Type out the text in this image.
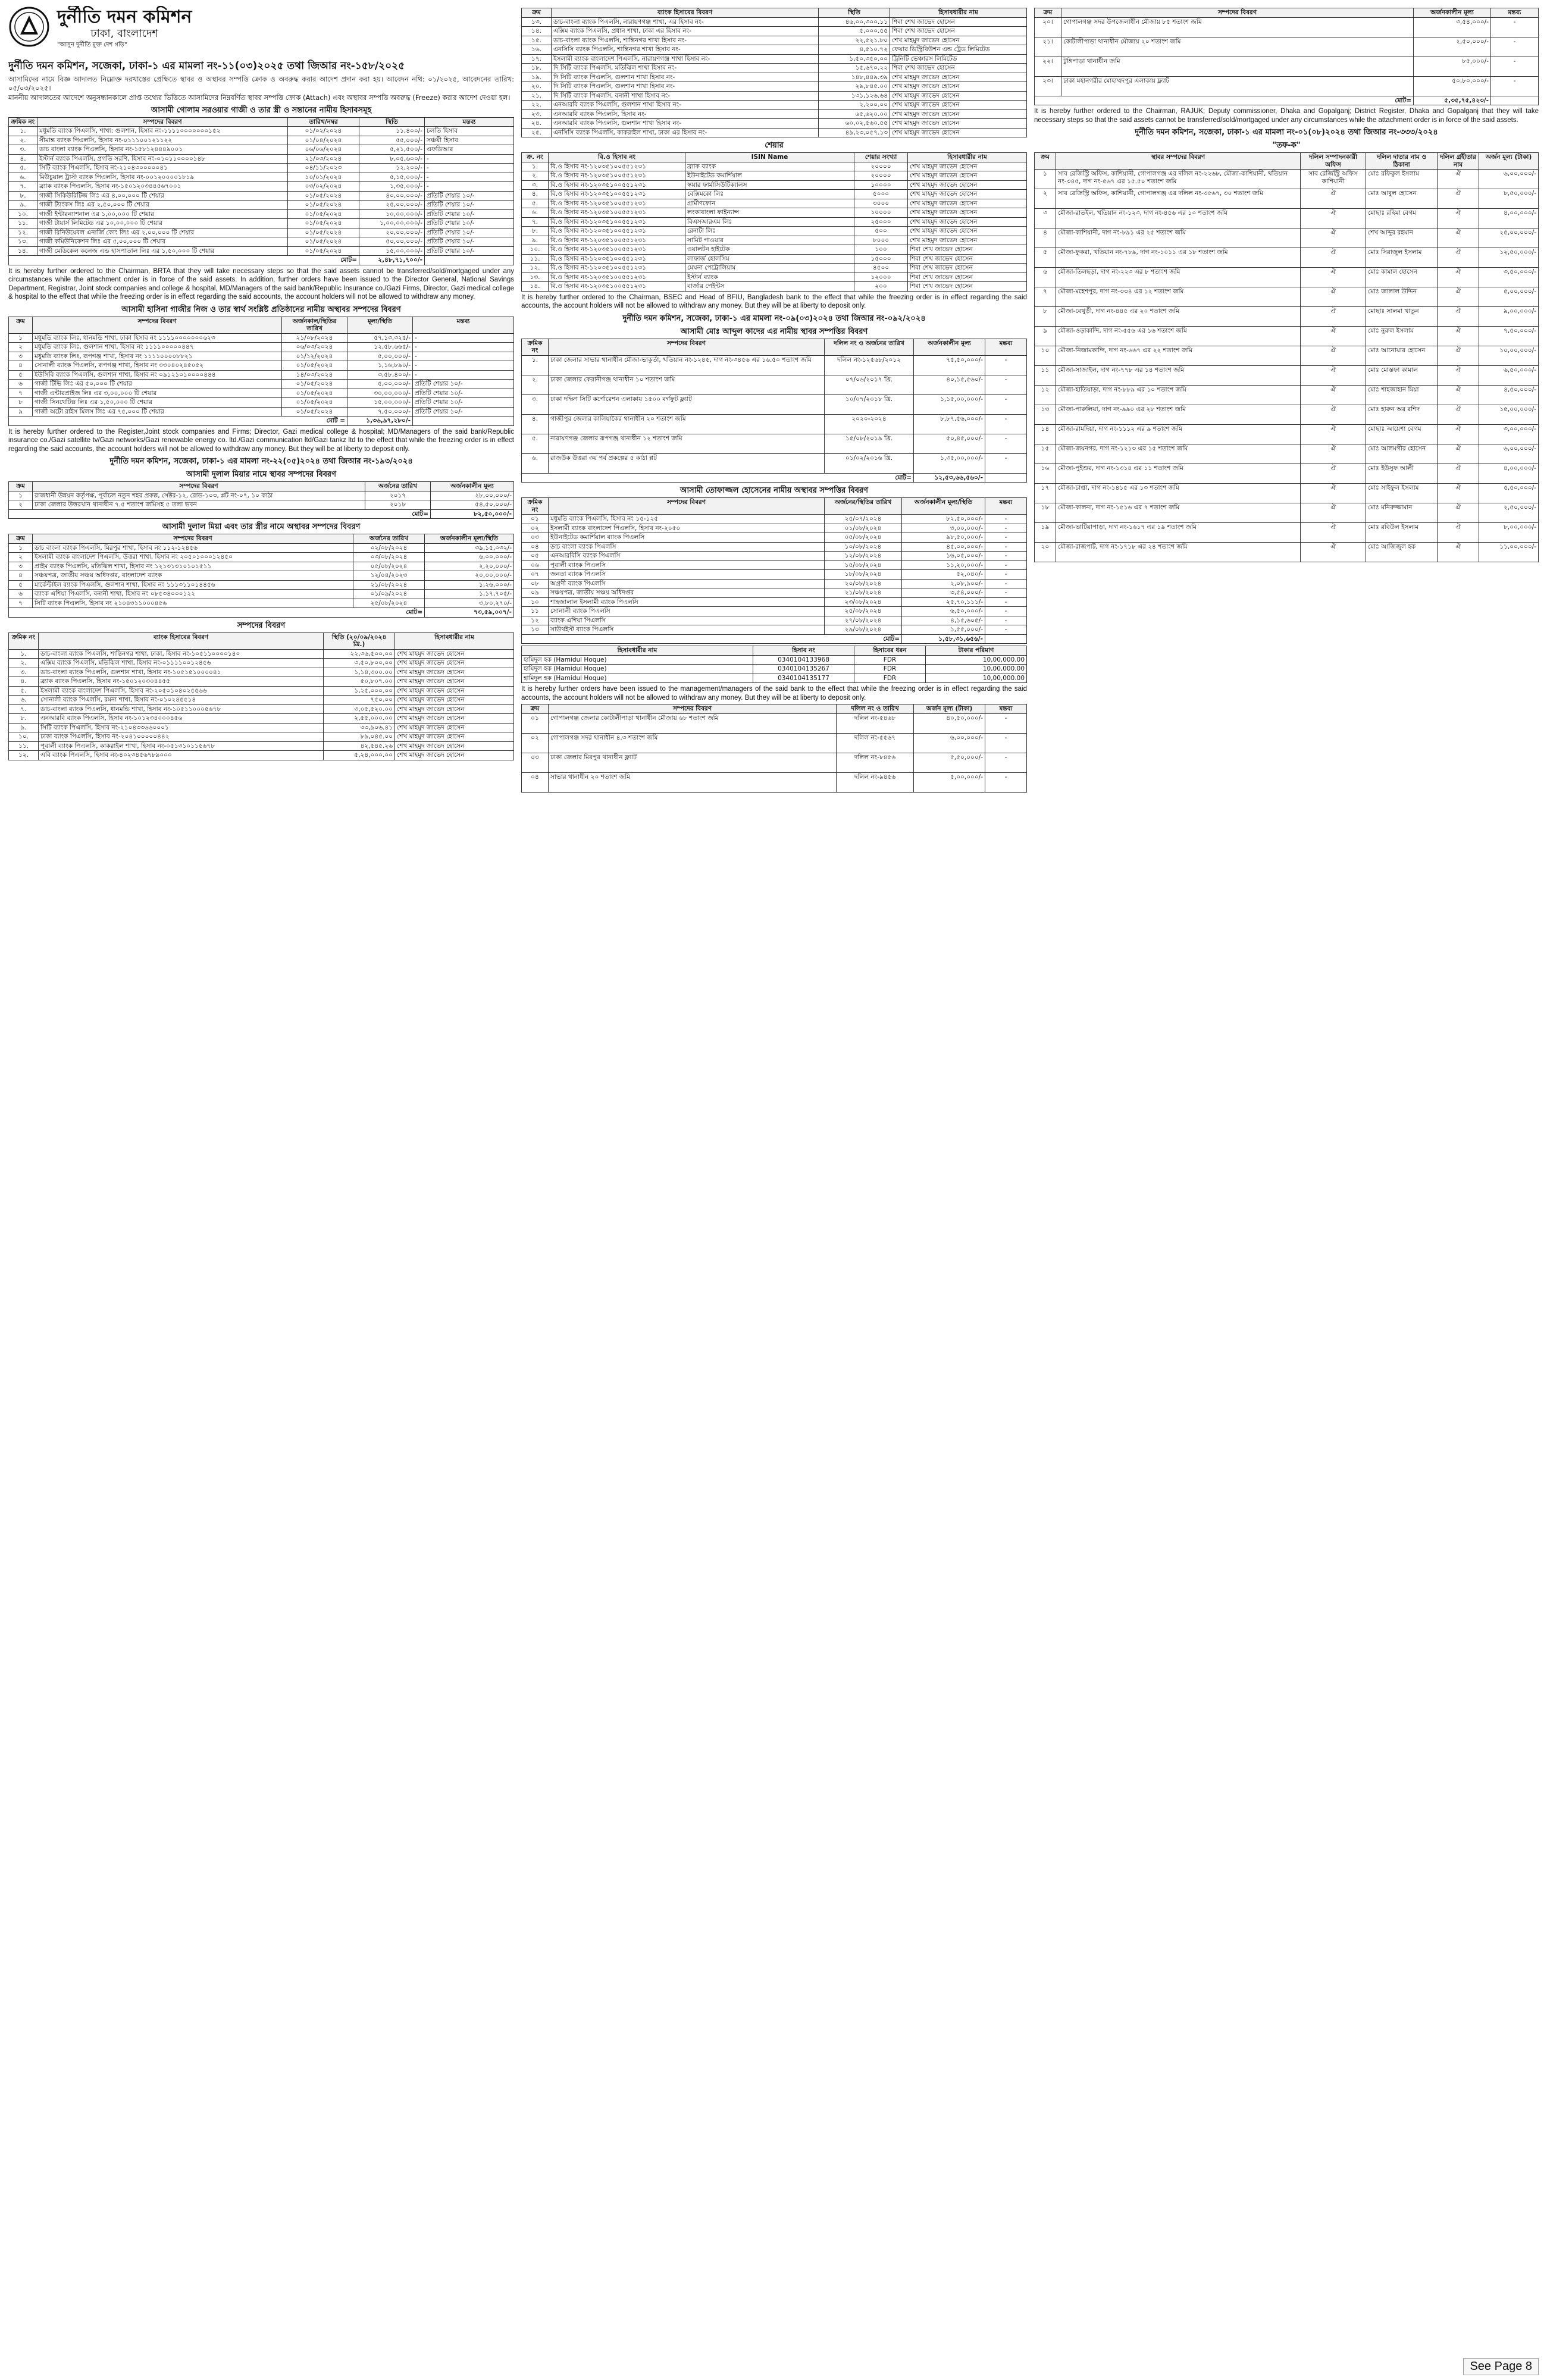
দুর্নীতি দমন কমিশন
ঢাকা, বাংলাদেশ
"আসুন দুর্নীতি মুক্ত দেশ গড়ি"
দুর্নীতি দমন কমিশন, সজেকা, ঢাকা-১ এর মামলা নং-১১(০৩)২০২৫ তথা জিআর নং-১৫৮/২০২৫
আসামিদের নামে বিজ্ঞ আদালত নিম্নোক্ত দরখাস্তের প্রেক্ষিতে স্থাবর ও অস্থাবর সম্পত্তি ক্রোক ও অবরুদ্ধ করার আদেশ প্রদান করা হয়। আবেদন নথি: ০১/২০২৫, আবেদনের তারিখ: ০৫/০৩/২০২৫।
মাননীয় আদালতের আদেশে অনুসন্ধানকালে প্রাপ্ত তথ্যের ভিত্তিতে আসামিদের নিম্নবর্ণিত স্থাবর সম্পত্তি ক্রোক (Attach) এবং অস্থাবর সম্পত্তি অবরুদ্ধ (Freeze) করার আদেশ দেওয়া হল।
আসামী গোলাম সরওয়ার গাজী ও তার স্ত্রী ও সন্তানের নামীয় হিসাবসমূহ
ক্রমিক নং	সম্পদের বিবরণ	তারিখ/নম্বর	স্থিতি	মন্তব্য
১.	মধুমতি ব্যাংক পিএলসি, শাখা: গুলশান, হিসাব নং-১১১১০০০০০০০১৫২	০১/০২/২০২৪	১১,৪০০/-	চলতি হিসাব
২.	সীমান্ত ব্যাংক পিএলসি, হিসাব নং-০১১১০০১২১১২২	০১/০৪/২০২৪	৫৫,০০০/-	সঞ্চয়ী হিসাব
৩.	ডাচ বাংলা ব্যাংক পিএলসি, হিসাব নং-১৫৮১২৪৪৪৯০০১	০৬/০৬/২০২৪	৫,২১,৫০০/-	এফডিআর
৪.	ইস্টার্ন ব্যাংক পিএলসি, প্রগতি সরণি, হিসাব নং-০১০১১০০০০১৪৮	২১/০৩/২০২৪	৮,০৫,৬০০/-	-
৫.	সিটি ব্যাংক পিএলসি, হিসাব নং-২১০৪৩০০০০০৪১	০৪/১১/২০২৩	১২,২০০/-	-
৬.	মিউচুয়াল ট্রাস্ট ব্যাংক পিএলসি, হিসাব নং-০০১২০০০০১৮১৯	১০/০১/২০২৪	৫,১৫,০০০/-	-
৭.	ব্র্যাক ব্যাংক পিএলসি, হিসাব নং-১৫০১২০৩৪৪৫৬৭০০১	০৩/০২/২০২৪	১,৩৫,০০০/-	-
৮.	গাজী সিকিউরিটিজ লিঃ এর ৪,০০,০০০ টি শেয়ার	০১/০৫/২০২৪	৪০,০০,০০০/-	প্রতিটি শেয়ার ১০/-
৯.	গাজী ট্যাংকস লিঃ এর ২,৫০,০০০ টি শেয়ার	০১/০৫/২০২৪	২৫,০০,০০০/-	প্রতিটি শেয়ার ১০/-
১০.	গাজী ইন্টারন্যাশনাল এর ১,০০,০০০ টি শেয়ার	০১/০৫/২০২৪	১০,০০,০০০/-	প্রতিটি শেয়ার ১০/-
১১.	গাজী টায়ার্স লিমিটেড এর ১০,০০,০০০ টি শেয়ার	০১/০৫/২০২৪	১,০০,০০,০০০/-	প্রতিটি শেয়ার ১০/-
১২.	গাজী রিনিউয়েবল এনার্জি কোং লিঃ এর ২,০০,০০০ টি শেয়ার	০১/০৫/২০২৪	২০,০০,০০০/-	প্রতিটি শেয়ার ১০/-
১৩.	গাজী কমিউনিকেশন লিঃ এর ৫,০০,০০০ টি শেয়ার	০১/০৫/২০২৪	৫০,০০,০০০/-	প্রতিটি শেয়ার ১০/-
১৪.	গাজী মেডিকেল কলেজ এন্ড হাসপাতাল লিঃ এর ১,৫০,০০০ টি শেয়ার	০১/০৫/২০২৪	১৫,০০,০০০/-	প্রতিটি শেয়ার ১০/-
মোট=			২,৪৮,৭১,৭০০/-	
It is hereby further ordered to the Chairman, BRTA that they will take necessary steps so that the said assets cannot be transferred/sold/mortgaged under any circumstances while the attachment order is in force of the said assets. In addition, further orders have been issued to the Director General, National Savings Department, Registrar, Joint stock companies and college & hospital, MD/Managers of the said bank/Republic Insurance co./Gazi Firms, Director, Gazi medical college & hospital to the effect that while the freezing order is in effect regarding the said accounts, the account holders will not be allowed to withdraw any money.
আসামী হাসিনা গাজীর নিজ ও তার স্বার্থ সংশ্লিষ্ট প্রতিষ্ঠানের নামীয় অস্থাবর সম্পদের বিবরণ
ক্রম	সম্পদের বিবরণ	অর্জনকাল/স্থিতির তারিখ	মূল্য/স্থিতি	মন্তব্য
১	মধুমতি ব্যাংক লিঃ, ধানমন্ডি শাখা, ঢাকা হিসাব নং ১১১১০০০০০০০৬২৩	২১/০৮/২০২৪	৫৭,১৩,৩২৫/-	-
২	মধুমতি ব্যাংক লিঃ, গুলশান শাখা, হিসাব নং ১১১১০০০০০৪৪৭	০৬/০৩/২০২৪	১২,৫৮,৬৬৫/-	-
৩	মধুমতি ব্যাংক লিঃ, রূপগঞ্জ শাখা, হিসাব নং ১১১১০০০০৮৮২১	০১/১২/২০২৪	৫,০০,০০০/-	-
৪	সোনালী ব্যাংক পিএলসি, রূপগঞ্জ শাখা, হিসাব নং ৩৩০৪০২৪৫০৫২	০১/০৫/২০২৪	১,১৬,৮৯০/-	-
৫	ইউসিবি ব্যাংক পিএলসি, গুলশান শাখা, হিসাব নং ০৯১২১০১০০০০৪৪৪	১৪/০৩/২০২৪	৩,৫৮,৪০০/-	-
৬	গাজী টিভি লিঃ এর ৫০,০০০ টি শেয়ার	০১/০৫/২০২৪	৫,০০,০০০/-	প্রতিটি শেয়ার ১০/-
৭	গাজী এন্টারপ্রাইজ লিঃ এর ৩,০০,০০০ টি শেয়ার	০১/০৫/২০২৪	৩০,০০,০০০/-	প্রতিটি শেয়ার ১০/-
৮	গাজী সিনথেটিক্স লিঃ এর ১,৫০,০০০ টি শেয়ার	০১/০৫/২০২৪	১৫,০০,০০০/-	প্রতিটি শেয়ার ১০/-
৯	গাজী অটো রাইস মিলস লিঃ এর ৭৫,০০০ টি শেয়ার	০১/০৫/২০২৪	৭,৫০,০০০/-	প্রতিটি শেয়ার ১০/-
মোট =			১,৩৬,৯৭,২৮০/-	
It is hereby further ordered to the Register,Joint stock companies and Firms; Director, Gazi medical college & hospital; MD/Managers of the said bank/Republic insurance co./Gazi satellite tv/Gazi networks/Gazi renewable energy co. ltd./Gazi communication ltd/Gazi tankz ltd to the effect that while the freezing order is in effect regarding the said accounts, the account holders will not be allowed to withdraw any money. But they will be at liberty to deposit only.
দুর্নীতি দমন কমিশন, সজেকা, ঢাকা-১ এর মামলা নং-২২(০৫)২০২৪ তথা জিআর নং-১৯৩/২০২৪
আসামী দুলাল মিয়ার নামে স্থাবর সম্পদের বিবরণ
ক্রম	সম্পদের বিবরণ	অর্জনের তারিখ	অর্জনকালীন মূল্য
১	রাজধানী উন্নয়ন কর্তৃপক্ষ, পূর্বাচল নতুন শহর প্রকল্প, সেক্টর-১২, রোড-১০৩, প্লট নং-০৭, ১০ কাঠা	২০১৭	২৮,০০,০০০/-
২	ঢাকা জেলার উত্তরখান থানাধীন ৭.৫ শতাংশ জমিসহ ৫ তলা ভবন	২০১৮	৫৪,৫০,০০০/-
মোট=			৮২,৫০,০০০/-
আসামী দুলাল মিয়া এবং তার স্ত্রীর নামে অস্থাবর সম্পদের বিবরণ
ক্রম	সম্পদের বিবরণ	অর্জনের তারিখ	অর্জনকালীন মূল্য/স্থিতি
১	ডাচ বাংলা ব্যাংক পিএলসি, মিরপুর শাখা, হিসাব নং ১১২-১২৪৫৬	০২/০৮/২০২৪	৩৯,১৫,০৩২/-
২	ইসলামী ব্যাংক বাংলাদেশ পিএলসি, উত্তরা শাখা, হিসাব নং ২০৫০১০০০১২৪৫০	০৩/০৮/২০২৪	৬,০০,০০০/-
৩	প্রাইম ব্যাংক পিএলসি, মতিঝিল শাখা, হিসাব নং ১২১৩১৩১০১০১৫১১	০৫/০৮/২০২৪	২,২০,০০০/-
৪	সঞ্চয়পত্র, জাতীয় সঞ্চয় অধিদপ্তর, বাংলাদেশ ব্যাংক	১২/০৪/২০২৩	২০,০০,০০০/-
৫	মার্কেন্টাইল ব্যাংক পিএলসি, গুলশান শাখা, হিসাব নং ১১১৩১১০১৪৪৫৬	২১/০৮/২০২৪	১,২৬,০০০/-
৬	ব্যাংক এশিয়া পিএলসি, বনানী শাখা, হিসাব নং ০৮৫৩৪০০০১২২	০১/০৯/২০২৪	১,১৭,৭০৫/-
৭	সিটি ব্যাংক পিএলসি, হিসাব নং ২১০৪৩১১০০০৪৫৬	২৫/০৮/২০২৪	৩,৮০,২৭০/-
মোট=			৭৩,৫৯,০০৭/-
সম্পদের বিবরণ
ক্রমিক নং	ব্যাংক হিসাবের বিবরণ	স্থিতি (২০/০৯/২০২৪ খ্রি.)	হিসাবধারীর নাম
১.	ডাচ-বাংলা ব্যাংক পিএলসি, শান্তিনগর শাখা, ঢাকা, হিসাব নং-১০৫১১০০০০১৪০	২২,৩৬,৫০০.০০	শেখ মাহমুদ জাভেদ হোসেন
২.	এক্সিম ব্যাংক পিএলসি, মতিঝিল শাখা, হিসাব নং-০১১১১০০১২৪৫৬	৩,৫০,৮০০.০০	শেখ মাহমুদ জাভেদ হোসেন
৩.	ডাচ-বাংলা ব্যাংক পিএলসি, গুলশান শাখা, হিসাব নং-১০৫১৫১০০০০৪১	১,১৪,৩০০.০০	শেখ মাহমুদ জাভেদ হোসেন
৪.	ব্র্যাক ব্যাংক পিএলসি, হিসাব নং-১৫০১২০৩০৪৪৫৫	৫০,৮০৭.০০	শেখ মাহমুদ জাভেদ হোসেন
৫.	ইসলামী ব্যাংক বাংলাদেশ পিএলসি, হিসাব নং-২০৫০১০৪০২৫৫৬৬	১,২৫,০০০.০০	শেখ মাহমুদ জাভেদ হোসেন
৬.	সোনালী ব্যাংক পিএলসি, রমনা শাখা, হিসাব নং-০১০২৪৫৫১৪	৭৫০.০০	শেখ মাহমুদ জাভেদ হোসেন
৭.	ডাচ-বাংলা ব্যাংক পিএলসি, ধানমন্ডি শাখা, হিসাব নং-১০৫১১০০০৫৬৭৮	৩,০৫,৫২০.০০	শেখ মাহমুদ জাভেদ হোসেন
৮.	এনআরবি ব্যাংক পিএলসি, হিসাব নং-১০১২৩৪০০০৪৫৬	২,৫৫,০০০.০০	শেখ মাহমুদ জাভেদ হোসেন
৯.	সিটি ব্যাংক পিএলসি, হিসাব নং-২১০৪৩৩৬৬০০০১	৩৩,৯০৬.৪১	শেখ মাহমুদ জাভেদ হোসেন
১০.	ঢাকা ব্যাংক পিএলসি, হিসাব নং-২০৪১০০০০০৪৪২	৮৯,০৪৫.০০	শেখ মাহমুদ জাভেদ হোসেন
১১.	পূবালী ব্যাংক পিএলসি, কাকরাইল শাখা, হিসাব নং-০৫১৩১০১১৫৬৭৮	৪২,৫৪৫.২৬	শেখ মাহমুদ জাভেদ হোসেন
১২.	এবি ব্যাংক পিএলসি, হিসাব নং-৪০২৩৪৫৬৭৮৯০০০	৫,২৪,০০০.০০	শেখ মাহমুদ জাভেদ হোসেন
ক্রম	ব্যাংক হিসাবের বিবরণ	স্থিতি	হিসাবধারীর নাম
১৩.	ডাচ-বাংলা ব্যাংক পিএলসি, নারায়ণগঞ্জ শাখা, এর হিসাব নং-	৪৬,০০,৩০০.১১	শিবা শেখ জাভেদ হোসেন
১৪.	এক্সিম ব্যাংক পিএলসি, প্রধান শাখা, ঢাকা এর হিসাব নং-	৫,০০০.৫৫	শিবা শেখ জাভেদ হোসেন
১৫.	ডাচ-বাংলা ব্যাংক পিএলসি, শান্তিনগর শাখা হিসাব নং-	২২,৫২১.৮০	শেখ মাহমুদ জাভেদ হোসেন
১৬.	এনসিসি ব্যাংক পিএলসি, শান্তিনগর শাখা হিসাব নং-	৪,৫১০.৭২	ফেয়ার ডিস্ট্রিবিউশন এন্ড ট্রেড লিমিটেড
১৭.	ইসলামী ব্যাংক বাংলাদেশ পিএলসি, নারায়ণগঞ্জ শাখা হিসাব নং-	১,৫০,৩৫০.০০	ট্রিনিটি ভেঞ্চারস লিমিটেড
১৮.	দি সিটি ব্যাংক পিএলসি, মতিঝিল শাখা হিসাব নং-	১৫,৬৭০.২২	শিবা শেখ জাভেদ হোসেন
১৯.	দি সিটি ব্যাংক পিএলসি, গুলশান শাখা হিসাব নং-	১৪৮,৪৪৯.৩৯	শেখ মাহমুদ জাভেদ হোসেন
২০.	দি সিটি ব্যাংক পিএলসি, গুলশান শাখা হিসাব নং-	২৯,৮৪৫.০০	শেখ মাহমুদ জাভেদ হোসেন
২১.	দি সিটি ব্যাংক পিএলসি, বনানী শাখা হিসাব নং-	১৩১,১২৬.৬৪	শেখ মাহমুদ জাভেদ হোসেন
২২.	এনআরবি ব্যাংক পিএলসি, গুলশান শাখা হিসাব নং-	২,২০০.০০	শেখ মাহমুদ জাভেদ হোসেন
২৩.	এনআরবি ব্যাংক পিএলসি, হিসাব নং-	৬৫,৬২০.০০	শেখ মাহমুদ জাভেদ হোসেন
২৪.	এনআরবি ব্যাংক পিএলসি, গুলশান শাখা হিসাব নং-	৬০,০২,৫৬০.৫৫	শেখ মাহমুদ জাভেদ হোসেন
২৫.	এনসিসি ব্যাংক পিএলসি, কাকরাইল শাখা, ঢাকা এর হিসাব নং-	৪৯,২৩,০৫৭.১৩	শেখ মাহমুদ জাভেদ হোসেন
শেয়ার
ক্র. নং	বি.ও হিসাব নং	ISIN Name	শেয়ার সংখ্যা	হিসাবধারীর নাম
১.	বি.ও হিসাব নং-১২০৩৫১০০৫৫১২৩১	ব্র্যাক ব্যাংক	২০০০০	শেখ মাহমুদ জাভেদ হোসেন
২.	বি.ও হিসাব নং-১২০৩৫১০০৫৫১২৩১	ইউনাইটেড কমার্শিয়াল	২০০০০	শেখ মাহমুদ জাভেদ হোসেন
৩.	বি.ও হিসাব নং-১২০৩৫১০০৫৫১২৩১	স্কয়ার ফার্মাসিউটিক্যালস	১০০০০	শেখ মাহমুদ জাভেদ হোসেন
৪.	বি.ও হিসাব নং-১২০৩৫১০০৫৫১২৩১	বেক্সিমকো লিঃ	৫০০০	শেখ মাহমুদ জাভেদ হোসেন
৫.	বি.ও হিসাব নং-১২০৩৫১০০৫৫১২৩১	গ্রামীণফোন	৩০০০	শেখ মাহমুদ জাভেদ হোসেন
৬.	বি.ও হিসাব নং-১২০৩৫১০০৫৫১২৩১	লংকাবাংলা ফাইন্যান্স	১০০০০	শেখ মাহমুদ জাভেদ হোসেন
৭.	বি.ও হিসাব নং-১২০৩৫১০০৫৫১২৩১	বিএসআরএম লিঃ	২৫০০০	শেখ মাহমুদ জাভেদ হোসেন
৮.	বি.ও হিসাব নং-১২০৩৫১০০৫৫১২৩১	রেনাটা লিঃ	৫০০	শেখ মাহমুদ জাভেদ হোসেন
৯.	বি.ও হিসাব নং-১২০৩৫১০০৫৫১২৩১	সামিট পাওয়ার	৮০০০	শেখ মাহমুদ জাভেদ হোসেন
১০.	বি.ও হিসাব নং-১২০৩৫১০০৫৫১২৩১	ওয়ালটন হাইটেক	১০০	শিবা শেখ জাভেদ হোসেন
১১.	বি.ও হিসাব নং-১২০৩৫১০০৫৫১২৩১	লাফার্জ হোলসিম	১৫০০০	শিবা শেখ জাভেদ হোসেন
১২.	বি.ও হিসাব নং-১২০৩৫১০০৫৫১২৩১	মেঘনা পেট্রোলিয়াম	৪৫০০	শিবা শেখ জাভেদ হোসেন
১৩.	বি.ও হিসাব নং-১২০৩৫১০০৫৫১২৩১	ইস্টার্ন ব্যাংক	১২০০০	শিবা শেখ জাভেদ হোসেন
১৪.	বি.ও হিসাব নং-১২০৩৫১০০৫৫১২৩১	বার্জার পেইন্টস	২০০	শিবা শেখ জাভেদ হোসেন
It is hereby further ordered to the Chairman, BSEC and Head of BFIU, Bangladesh bank to the effect that while the freezing order is in effect regarding the said accounts, the account holders will not be allowed to withdraw any money. But they will be at liberty to deposit only.
দুর্নীতি দমন কমিশন, সজেকা, ঢাকা-১ এর মামলা নং-০৯(০৩)২০২৪ তথা জিআর নং-০৯২/২০২৪
আসামী মোঃ আব্দুল কাদের এর নামীয় স্থাবর সম্পত্তির বিবরণ
ক্রমিক নং	সম্পদের বিবরণ	দলিল নং ও অর্জনের তারিখ	অর্জনকালীন মূল্য	মন্তব্য
১.	ঢাকা জেলার সাভার থানাধীন মৌজা-ভাকুর্তা, খতিয়ান নং-১২৪৫, দাগ নং-৩৪৫৬ এর ১৬.৫০ শতাংশ জমি	দলিল নং-১২৫৬৮/২০১২	৭৫,৫০,০০০/-	-
২.	ঢাকা জেলার কেরানীগঞ্জ থানাধীন ১০ শতাংশ জমি	০৭/০৬/২০১৭ খ্রি.	৪০,১৫,৫৬০/-	-
৩.	ঢাকা দক্ষিণ সিটি কর্পোরেশন এলাকায় ১৫০০ বর্গফুট ফ্ল্যাট	১০/০৭/২০১৮ খ্রি.	১,১৫,০০,০০০/-	-
৪.	গাজীপুর জেলার কালিয়াকৈর থানাধীন ২০ শতাংশ জমি	২০২০-২০২৪	৮,৮৭,৫৬,০০০/-	-
৫.	নারায়ণগঞ্জ জেলার রূপগঞ্জ থানাধীন ১২ শতাংশ জমি	১৫/০৮/২০১৯ খ্রি.	৫০,৪৫,০০০/-	-
৬.	রাজউক উত্তরা ৩য় পর্ব প্রকল্পের ৫ কাঠা প্লট	০১/০২/২০১৬ খ্রি.	১,৩৫,০০,০০০/-	-
মোট=			১২,৫৩,৬৬,৫৬০/-	
আসামী তোফাজ্জল হোসেনের নামীয় অস্থাবর সম্পত্তির বিবরণ
ক্রমিক নং	সম্পদের বিবরণ	অর্জনের/স্থিতির তারিখ	অর্জনকালীন মূল্য/স্থিতি	মন্তব্য
০১	মধুমতি ব্যাংক পিএলসি, হিসাব নং ১৫-১২৫	২৫/০৭/২০২৪	৮২,৫০,০০০/-	-
০২	ইসলামী ব্যাংক বাংলাদেশ পিএলসি, হিসাব নং-২০৫০	০১/০৮/২০২৪	৩,০০,০০০/-	-
০৩	ইউনাইটেড কমার্শিয়াল ব্যাংক পিএলসি	০৫/০৮/২০২৪	৯৮,৫০,০০০/-	-
০৪	ডাচ বাংলা ব্যাংক পিএলসি	১০/০৮/২০২৪	৪৫,০০,০০০/-	-
০৫	এনআরবিসি ব্যাংক পিএলসি	১২/০৮/২০২৪	১৬,০৫,০০০/-	-
০৬	পূবালী ব্যাংক পিএলসি	১৫/০৮/২০২৪	১১,২০,০০০/-	-
০৭	জনতা ব্যাংক পিএলসি	১৮/০৮/২০২৪	৫২,০৪০/-	-
০৮	অগ্রণী ব্যাংক পিএলসি	২০/০৮/২০২৪	২,০৮,৯০০/-	-
০৯	সঞ্চয়পত্র, জাতীয় সঞ্চয় অধিদপ্তর	২১/০৮/২০২৪	৩,৫৪,০০০/-	-
১০	শাহজালাল ইসলামী ব্যাংক পিএলসি	২৩/০৮/২০২৪	২৫,৭০,১১১/-	-
১১	সোনালী ব্যাংক পিএলসি	২৫/০৮/২০২৪	৬,৫০,০০০/-	-
১২	ব্যাংক এশিয়া পিএলসি	২৭/০৮/২০২৪	৪,১৫,৬০৫/-	-
১৩	সাউথইস্ট ব্যাংক পিএলসি	২৯/০৮/২০২৪	১,৫৫,০০০/-	-
মোট=			১,৫৮,৩১,৬৫৬/-	
হিসাবধারীর নাম	হিসাব নং	হিসাবের ধরন	টাকার পরিমাণ
হামিদুল হক (Hamidul Hoque)	0340104133968	FDR	10,00,000.00
হামিদুল হক (Hamidul Hoque)	0340104135267	FDR	10,00,000.00
হামিদুল হক (Hamidul Hoque)	0340104135177	FDR	10,00,000.00
It is hereby further orders have been issued to the management/managers of the said bank to the effect that while the freezing order is in effect regarding the said accounts, the account holders will not be allowed to withdraw any money. But they will be at liberty to deposit only.
ক্রম	সম্পদের বিবরণ	দলিল নং ও তারিখ	অর্জন মূল্য (টাকা)	মন্তব্য
০১	গোপালগঞ্জ জেলার কোটালীপাড়া থানাধীন মৌজায় ৬৮ শতাংশ জমি	দলিল নং-৫৪৬৮	৪০,৫০,০০০/-	-
০২	গোপালগঞ্জ সদর থানাধীন ৪.৩ শতাংশ জমি	দলিল নং-৫৫৬৭	৬,০০,০০০/-	-
০৩	ঢাকা জেলার মিরপুর থানাধীন ফ্ল্যাট	দলিল নং-৮৪৫৬	৫,৫০,০০০/-	-
০৪	সাভার থানাধীন ২০ শতাংশ জমি	দলিল নং-৯৪৫৬	৫,০০,০০০/-	-
ক্রম	সম্পদের বিবরণ	অর্জনকালীন মূল্য	মন্তব্য
২০।	গোপালগঞ্জ সদর উপজেলাধীন মৌজায় ৮৫ শতাংশ জমি	৩,৫৪,০০০/-	-
২১।	কোটালীপাড়া থানাধীন মৌজায় ২০ শতাংশ জমি	২,৫০,০০০/-	-
২২।	টুঙ্গিপাড়া থানাধীন জমি	৮৫,০০০/-	-
২৩।	ঢাকা মহানগরীর মোহাম্মদপুর এলাকায় ফ্ল্যাট	৫০,৮০,০০০/-	-
মোট=		৫,৩৫,৭৫,৪২৩/-	
It is hereby further ordered to the Chairman, RAJUK; Deputy commissioner, Dhaka and Gopalganj; District Register, Dhaka and Gopalganj that they will take necessary steps so that the said assets cannot be transferred/sold/mortgaged under any circumstances while the attachment order is in force of the said assets.
দুর্নীতি দমন কমিশন, সজেকা, ঢাকা-১ এর মামলা নং-০১(০৮)২০২৪ তথা জিআর নং-৩৩৩/২০২৪
"তফ-ক"
ক্রম	স্থাবর সম্পদের বিবরণ	দলিল সম্পাদনকারী অফিস	দলিল দাতার নাম ও ঠিকানা	দলিল গ্রহীতার নাম	অর্জন মূল্য (টাকা)
১	সাব রেজিস্ট্রি অফিস, কাশিয়ানী, গোপালগঞ্জ এর দলিল নং-২২৬৮, মৌজা-কাশিয়ানী, খতিয়ান নং-৩৪৫, দাগ নং-৫৬৭ এর ১৫.৫০ শতাংশ জমি	সাব রেজিস্ট্রি অফিস কাশিয়ানী	মোঃ রফিকুল ইসলাম	ঐ	৬,০০,০০০/-
২	সাব রেজিস্ট্রি অফিস, কাশিয়ানী, গোপালগঞ্জ এর দলিল নং-৩৫৬৭, ৩০ শতাংশ জমি	ঐ	মোঃ আবুল হোসেন	ঐ	৮,৫০,০০০/-
৩	মৌজা-রাতইল, খতিয়ান নং-১২৩, দাগ নং-৪৫৬ এর ১০ শতাংশ জমি	ঐ	মোছাঃ রহিমা বেগম	ঐ	৪,০০,০০০/-
৪	মৌজা-কাশিয়ানী, দাগ নং-৮৯১ এর ২৫ শতাংশ জমি	ঐ	শেখ আব্দুর রহমান	ঐ	২৫,০০,০০০/-
৫	মৌজা-ফুকরা, খতিয়ান নং-৭৮৯, দাগ নং-১০১১ এর ১৮ শতাংশ জমি	ঐ	মোঃ সিরাজুল ইসলাম	ঐ	১২,৫০,০০০/-
৬	মৌজা-তিলছড়া, দাগ নং-২২৩ এর ৮ শতাংশ জমি	ঐ	মোঃ কামাল হোসেন	ঐ	৩,৫০,০০০/-
৭	মৌজা-মহেশপুর, দাগ নং-৩৩৪ এর ১২ শতাংশ জমি	ঐ	মোঃ জালাল উদ্দিন	ঐ	৫,০০,০০০/-
৮	মৌজা-বেথুড়ী, দাগ নং-৪৪৫ এর ২০ শতাংশ জমি	ঐ	মোছাঃ সালমা খাতুন	ঐ	৯,০০,০০০/-
৯	মৌজা-ওড়াকান্দি, দাগ নং-৫৫৬ এর ১৬ শতাংশ জমি	ঐ	মোঃ নুরুল ইসলাম	ঐ	৭,৫০,০০০/-
১০	মৌজা-নিজামকান্দি, দাগ নং-৬৬৭ এর ২২ শতাংশ জমি	ঐ	মোঃ আনোয়ার হোসেন	ঐ	১০,০০,০০০/-
১১	মৌজা-সাজাইল, দাগ নং-৭৭৮ এর ১৪ শতাংশ জমি	ঐ	মোঃ মোস্তফা কামাল	ঐ	৬,৫০,০০০/-
১২	মৌজা-হাতিয়াড়া, দাগ নং-৮৮৯ এর ১০ শতাংশ জমি	ঐ	মোঃ শাহজাহান মিয়া	ঐ	৪,৫০,০০০/-
১৩	মৌজা-পারুলিয়া, দাগ নং-৯৯০ এর ২৮ শতাংশ জমি	ঐ	মোঃ হারুন অর রশিদ	ঐ	১৫,০০,০০০/-
১৪	মৌজা-রামদিয়া, দাগ নং-১১১২ এর ৯ শতাংশ জমি	ঐ	মোছাঃ আয়েশা বেগম	ঐ	৩,০০,০০০/-
১৫	মৌজা-জয়নগর, দাগ নং-১২১৩ এর ১৫ শতাংশ জমি	ঐ	মোঃ আলমগীর হোসেন	ঐ	৬,০০,০০০/-
১৬	মৌজা-পুইশুর, দাগ নং-১৩১৪ এর ১১ শতাংশ জমি	ঐ	মোঃ ইউসুফ আলী	ঐ	৪,০০,০০০/-
১৭	মৌজা-চাপ্তা, দাগ নং-১৪১৫ এর ১৩ শতাংশ জমি	ঐ	মোঃ সাইফুল ইসলাম	ঐ	৫,৫০,০০০/-
১৮	মৌজা-কালনা, দাগ নং-১৫১৬ এর ৭ শতাংশ জমি	ঐ	মোঃ মনিরুজ্জামান	ঐ	২,৫০,০০০/-
১৯	মৌজা-ভাটিয়াপাড়া, দাগ নং-১৬১৭ এর ১৯ শতাংশ জমি	ঐ	মোঃ রবিউল ইসলাম	ঐ	৮,০০,০০০/-
২০	মৌজা-রাজপাট, দাগ নং-১৭১৮ এর ২৪ শতাংশ জমি	ঐ	মোঃ আজিজুল হক	ঐ	১১,০০,০০০/-
See Page 8
